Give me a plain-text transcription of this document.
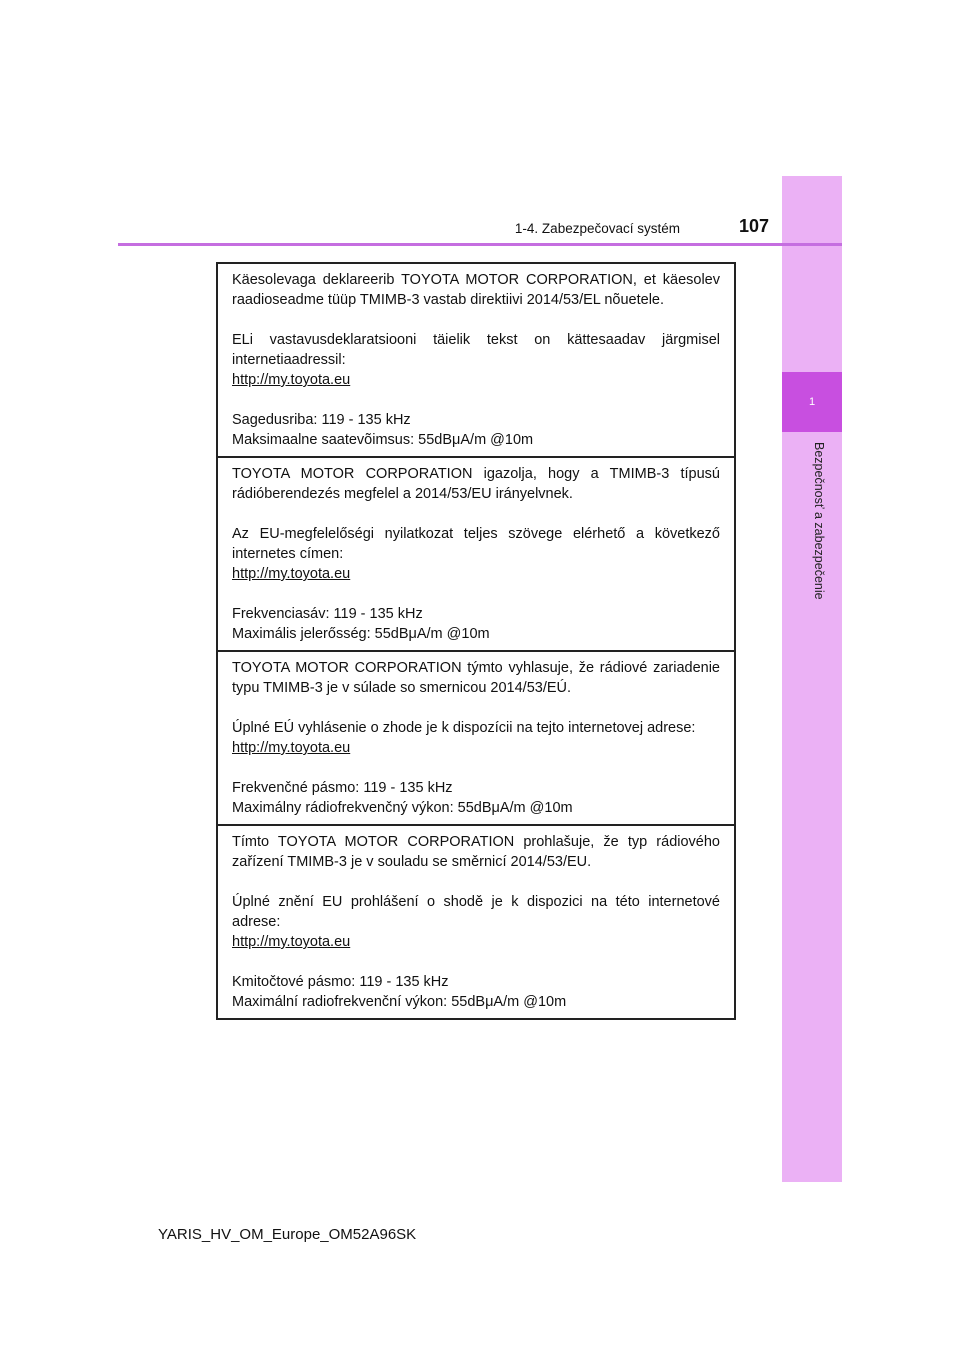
1
Bezpečnosť a zabezpečenie
1-4. Zabezpečovací systém	107

Käesolevaga deklareerib TOYOTA MOTOR CORPORATION, et käesolev raadioseadme tüüp TMIMB-3 vastab direktiivi 2014/53/EL nõuetele.

ELi vastavusdeklaratsiooni täielik tekst on kättesaadav järgmisel internetiaadressil:

http://my.toyota.eu

Sagedusriba: 119 - 135 kHz

Maksimaalne saatevõimsus: 55dBμA/m @10m

TOYOTA MOTOR CORPORATION igazolja, hogy a TMIMB-3 típusú rádióberendezés megfelel a 2014/53/EU irányelvnek.

Az EU-megfelelőségi nyilatkozat teljes szövege elérhető a következő internetes címen:

http://my.toyota.eu

Frekvenciasáv: 119 - 135 kHz

Maximális jelerősség: 55dBμA/m @10m

TOYOTA MOTOR CORPORATION týmto vyhlasuje, že rádiové zariadenie typu TMIMB-3 je v súlade so smernicou 2014/53/EÚ.

Úplné EÚ vyhlásenie o zhode je k dispozícii na tejto internetovej adrese:

http://my.toyota.eu

Frekvenčné pásmo: 119 - 135 kHz

Maximálny rádiofrekvenčný výkon: 55dBμA/m @10m

Tímto TOYOTA MOTOR CORPORATION prohlašuje, že typ rádiového zařízení TMIMB-3 je v souladu se směrnicí 2014/53/EU.

Úplné znění EU prohlášení o shodě je k dispozici na této internetové adrese:

http://my.toyota.eu

Kmitočtové pásmo: 119 - 135 kHz

Maximální radiofrekvenční výkon: 55dBμA/m @10m

YARIS_HV_OM_Europe_OM52A96SK
